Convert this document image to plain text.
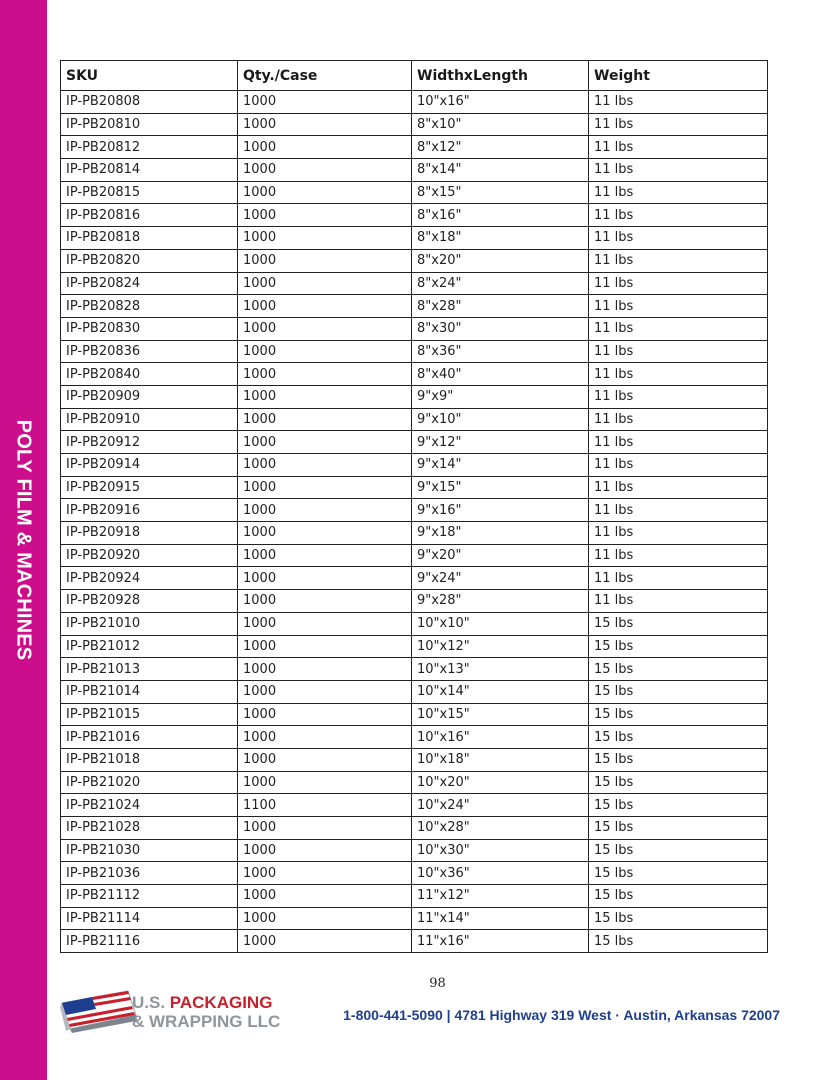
POLY FILM & MACHINES
SKU	Qty./Case	WidthxLength	Weight
IP-PB20808	1000	10"x16"	11 lbs
IP-PB20810	1000	8"x10"	11 lbs
IP-PB20812	1000	8"x12"	11 lbs
IP-PB20814	1000	8"x14"	11 lbs
IP-PB20815	1000	8"x15"	11 lbs
IP-PB20816	1000	8"x16"	11 lbs
IP-PB20818	1000	8"x18"	11 lbs
IP-PB20820	1000	8"x20"	11 lbs
IP-PB20824	1000	8"x24"	11 lbs
IP-PB20828	1000	8"x28"	11 lbs
IP-PB20830	1000	8"x30"	11 lbs
IP-PB20836	1000	8"x36"	11 lbs
IP-PB20840	1000	8"x40"	11 lbs
IP-PB20909	1000	9"x9"	11 lbs
IP-PB20910	1000	9"x10"	11 lbs
IP-PB20912	1000	9"x12"	11 lbs
IP-PB20914	1000	9"x14"	11 lbs
IP-PB20915	1000	9"x15"	11 lbs
IP-PB20916	1000	9"x16"	11 lbs
IP-PB20918	1000	9"x18"	11 lbs
IP-PB20920	1000	9"x20"	11 lbs
IP-PB20924	1000	9"x24"	11 lbs
IP-PB20928	1000	9"x28"	11 lbs
IP-PB21010	1000	10"x10"	15 lbs
IP-PB21012	1000	10"x12"	15 lbs
IP-PB21013	1000	10"x13"	15 lbs
IP-PB21014	1000	10"x14"	15 lbs
IP-PB21015	1000	10"x15"	15 lbs
IP-PB21016	1000	10"x16"	15 lbs
IP-PB21018	1000	10"x18"	15 lbs
IP-PB21020	1000	10"x20"	15 lbs
IP-PB21024	1100	10"x24"	15 lbs
IP-PB21028	1000	10"x28"	15 lbs
IP-PB21030	1000	10"x30"	15 lbs
IP-PB21036	1000	10"x36"	15 lbs
IP-PB21112	1000	11"x12"	15 lbs
IP-PB21114	1000	11"x14"	15 lbs
IP-PB21116	1000	11"x16"	15 lbs
98
U.S. PACKAGING
& WRAPPING LLC	1-800-441-5090 | 4781 Highway 319 West · Austin, Arkansas 72007
